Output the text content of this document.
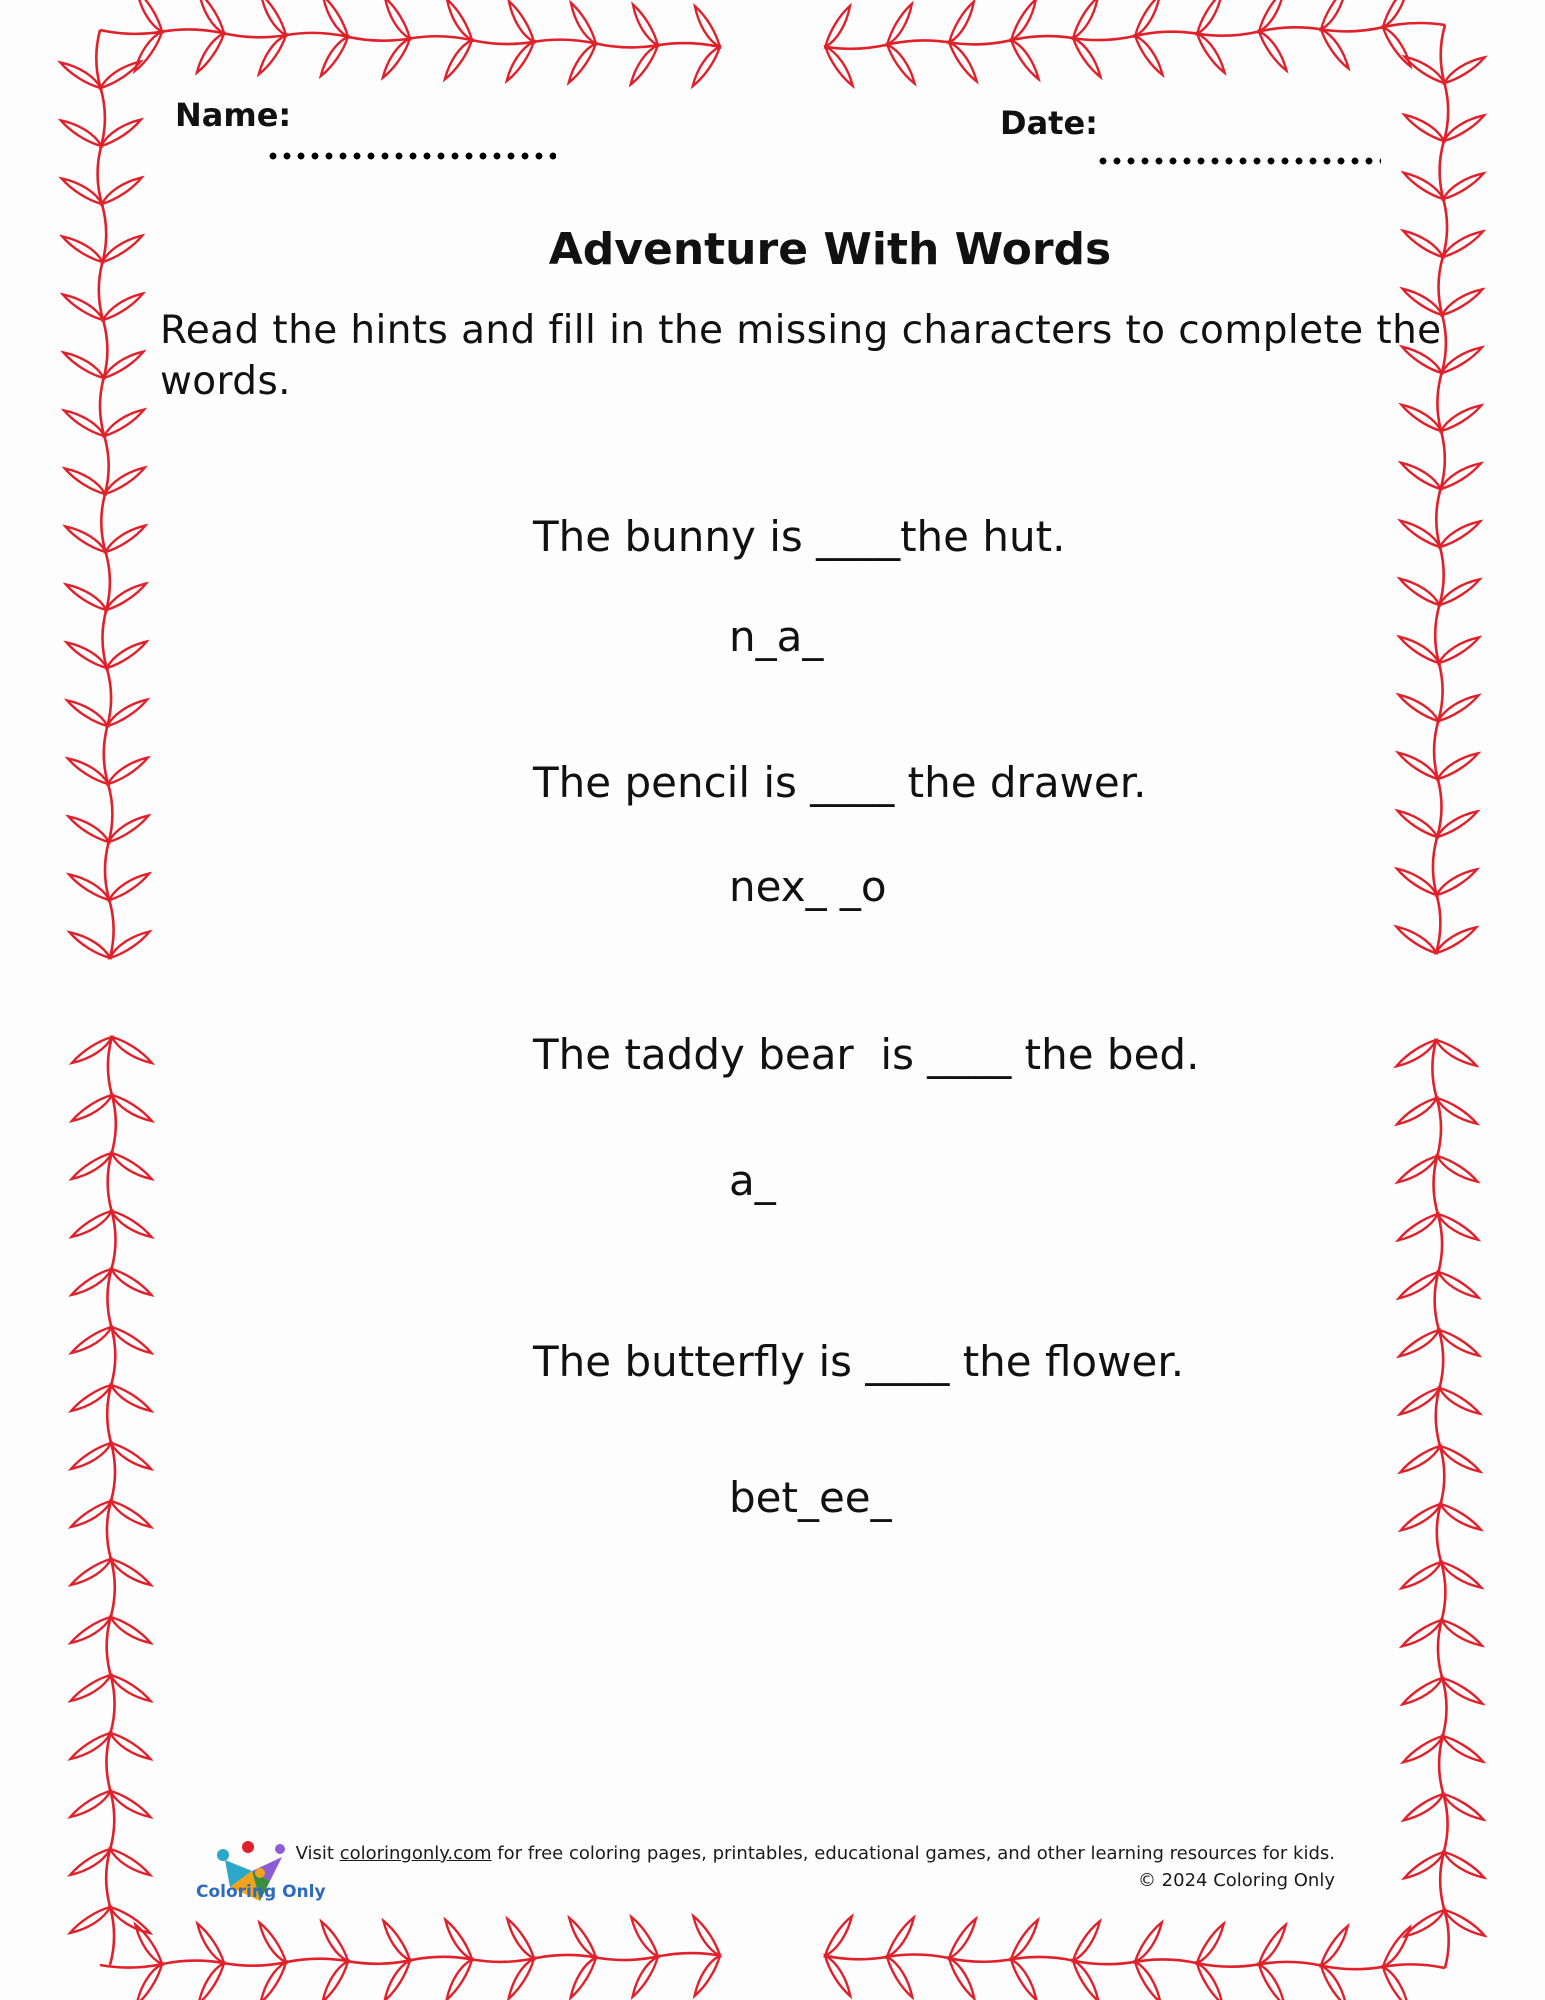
Name:	Date:
Adventure With Words
Read the hints and fill in the missing characters to complete the
words.
The bunny is ____the hut.
n_a_
The pencil is ____ the drawer.
nex_ _o
The taddy bear  is ____ the bed.
a_
The butterfly is ____ the flower.
bet_ee_
Coloring Only
Visit coloringonly.com for free coloring pages, printables, educational games, and other learning resources for kids.
© 2024 Coloring Only
